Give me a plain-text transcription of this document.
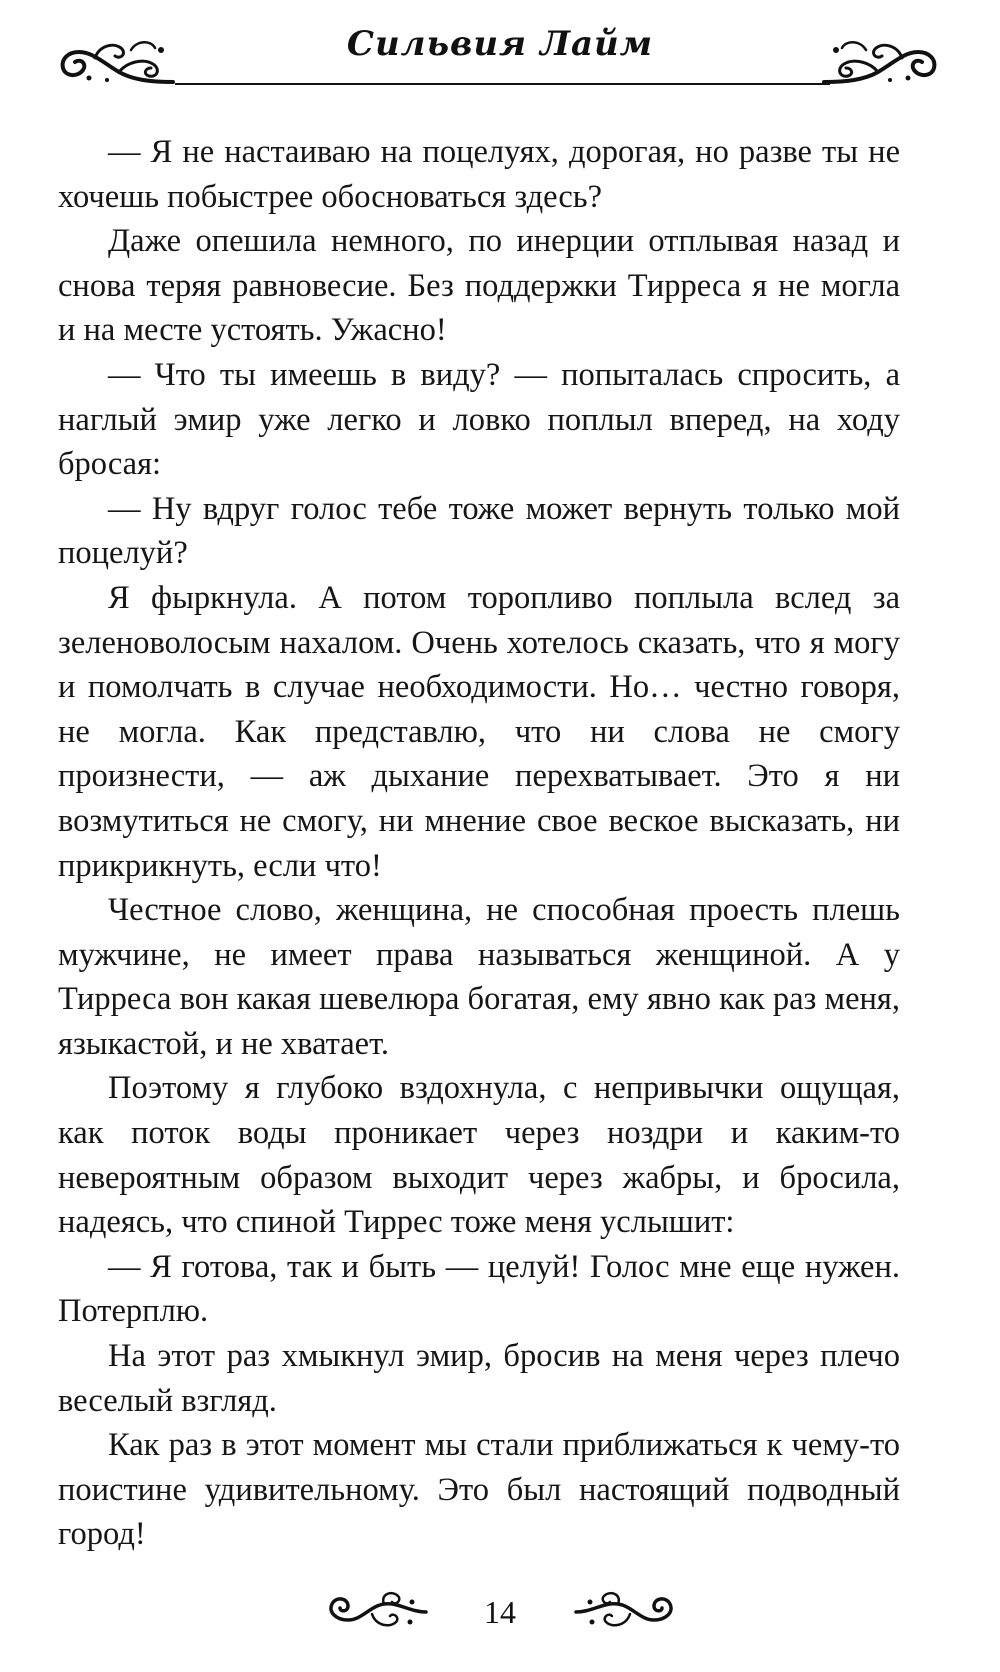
Сильвия Лайм

— Я не настаиваю на поцелуях, дорогая, но разве ты не хочешь побыстрее обосноваться здесь?

Даже опешила немного, по инерции отплывая назад и снова теряя равновесие. Без поддержки Тирреса я не могла и на месте устоять. Ужасно!

— Что ты имеешь в виду? — попыталась спросить, а наглый эмир уже легко и ловко поплыл вперед, на ходу бросая:

— Ну вдруг голос тебе тоже может вернуть только мой поцелуй?

Я фыркнула. А потом торопливо поплыла вслед за зеленоволосым нахалом. Очень хотелось сказать, что я могу и помолчать в случае необходимости. Но… честно говоря, не могла. Как представлю, что ни слова не смогу произнести, — аж дыхание перехватывает. Это я ни возмутиться не смогу, ни мнение свое веское высказать, ни прикрикнуть, если что!

Честное слово, женщина, не способная проесть плешь мужчине, не имеет права называться женщиной. А у Тирреса вон какая шевелюра богатая, ему явно как раз меня, языкастой, и не хватает.

Поэтому я глубоко вздохнула, с непривычки ощущая, как поток воды проникает через ноздри и каким-то невероятным образом выходит через жабры, и бросила, надеясь, что спиной Тиррес тоже меня услышит:

— Я готова, так и быть — целуй! Голос мне еще нужен. Потерплю.

На этот раз хмыкнул эмир, бросив на меня через плечо веселый взгляд.

Как раз в этот момент мы стали приближаться к чему-то поистине удивительному. Это был настоящий подводный город!

14
